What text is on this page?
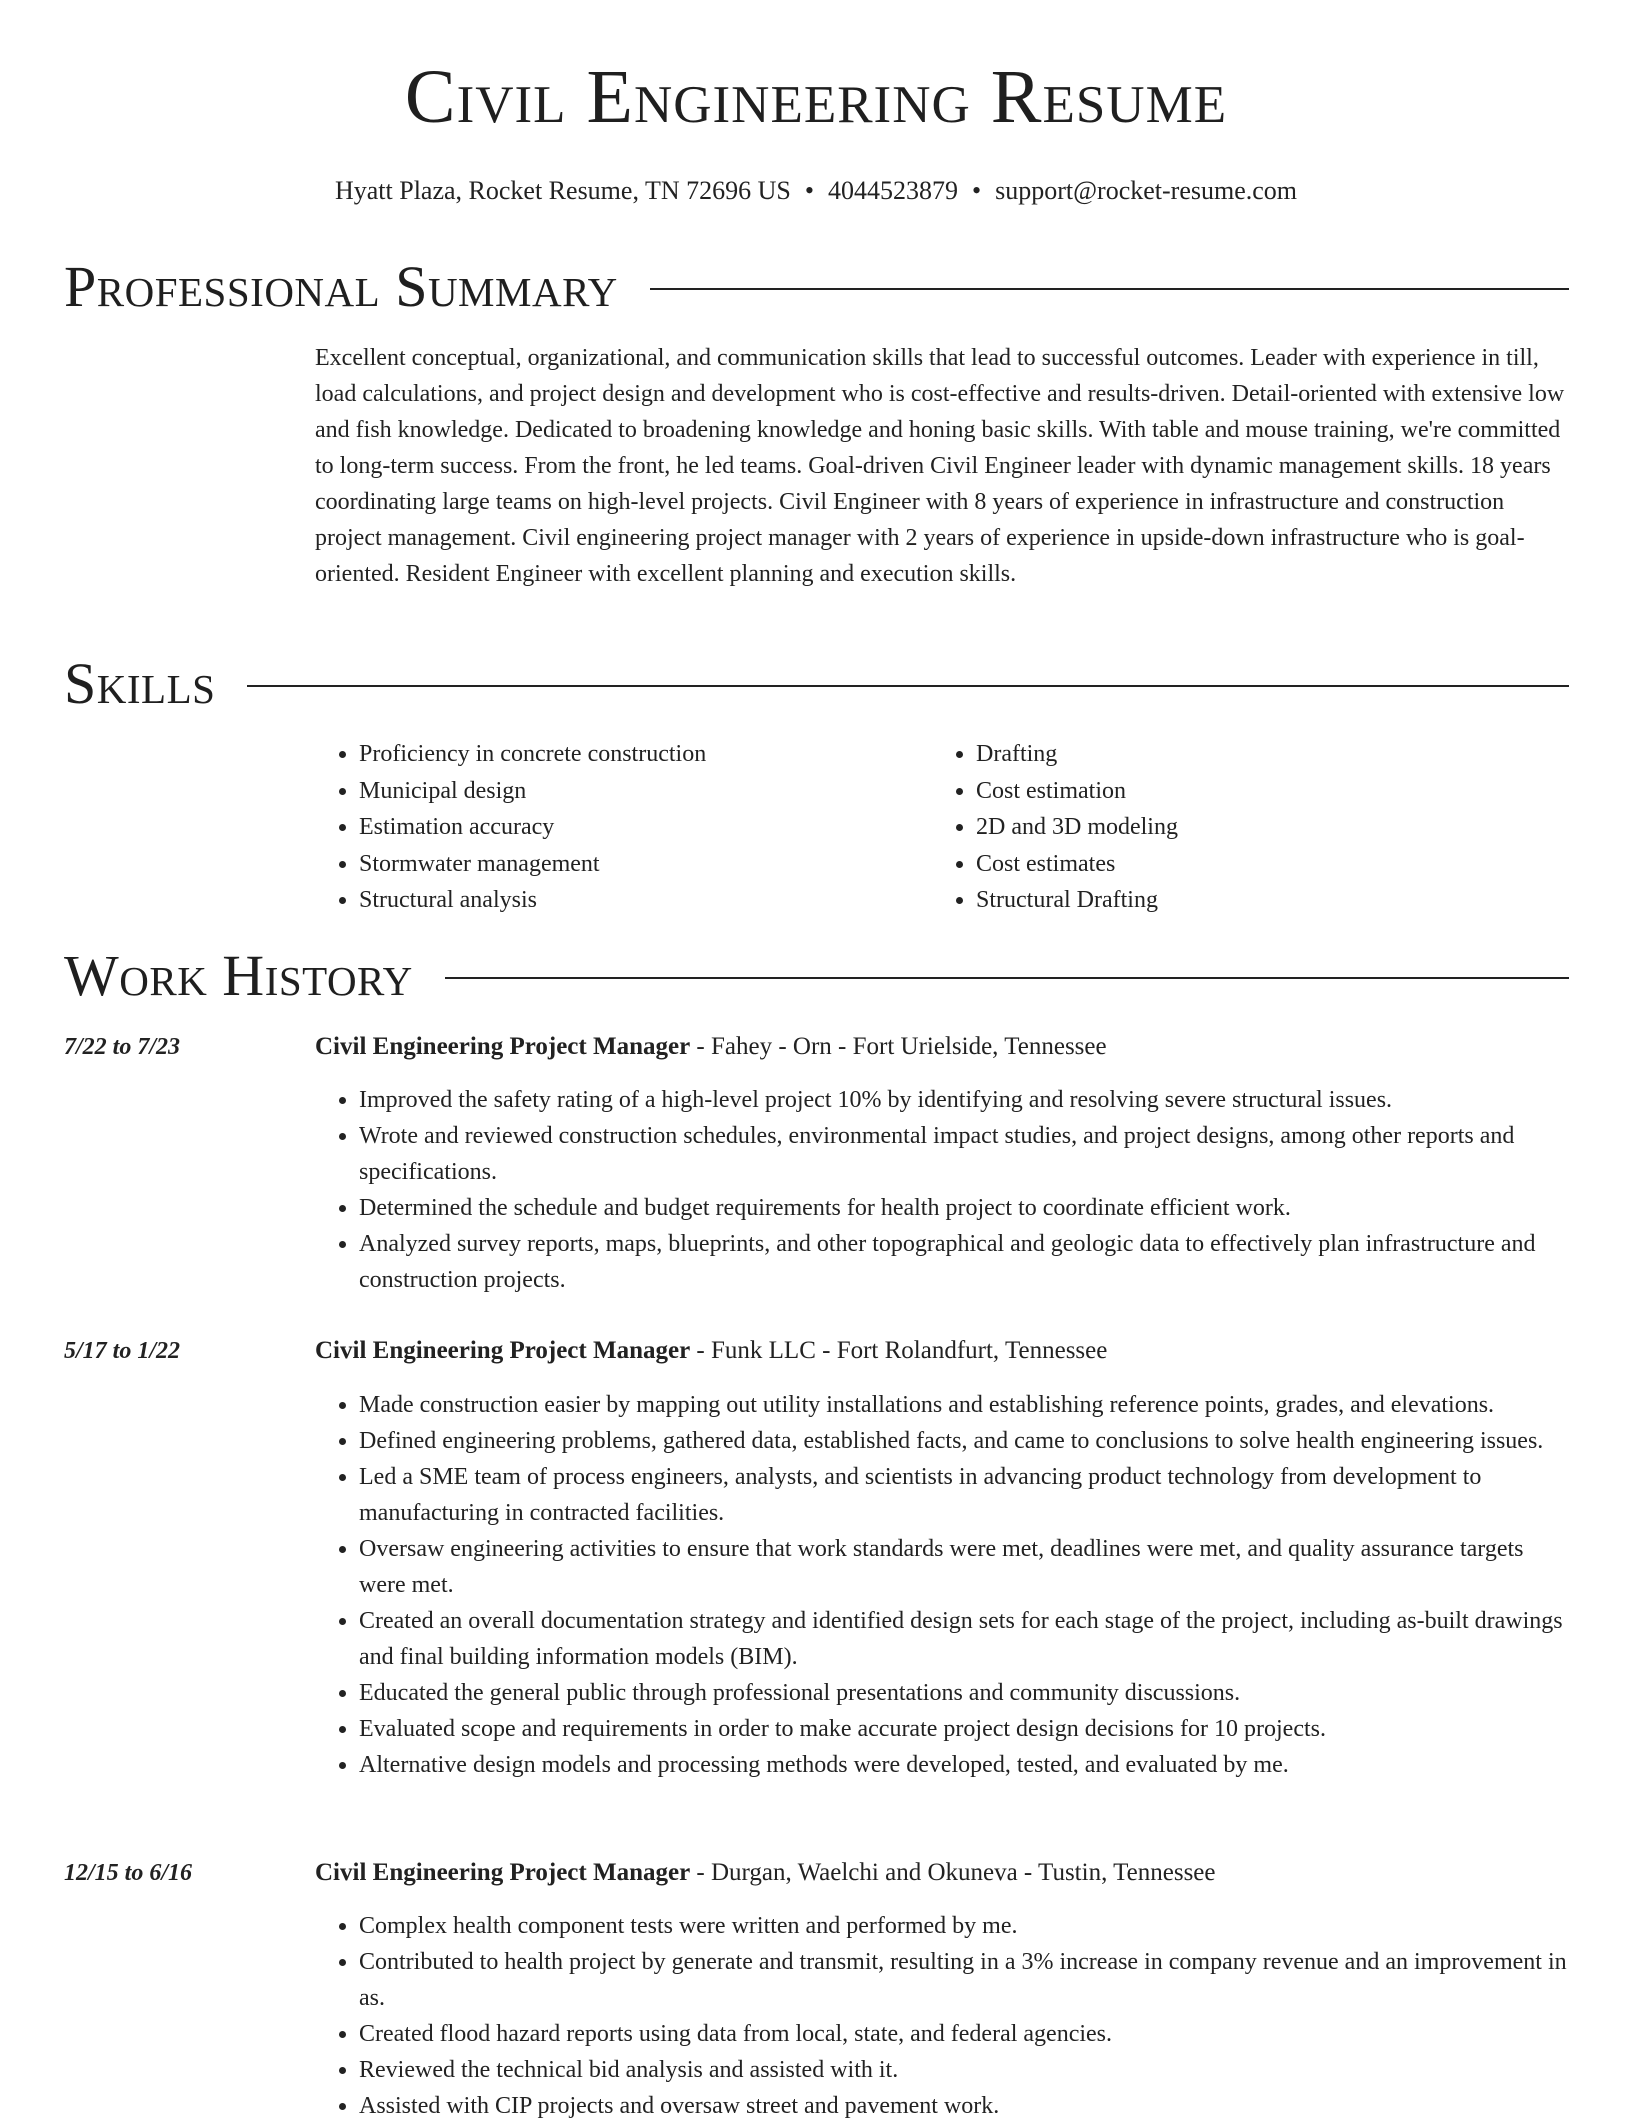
Civil Engineering Resume
Hyatt Plaza, Rocket Resume, TN 72696 US • 4044523879 • support@rocket-resume.com
Professional Summary

Excellent conceptual, organizational, and communication skills that lead to successful outcomes. Leader with experience in till, load calculations, and project design and development who is cost-effective and results-driven. Detail-oriented with extensive low and fish knowledge. Dedicated to broadening knowledge and honing basic skills. With table and mouse training, we're committed to long-term success. From the front, he led teams. Goal-driven Civil Engineer leader with dynamic management skills. 18 years coordinating large teams on high-level projects. Civil Engineer with 8 years of experience in infrastructure and construction project management. Civil engineering project manager with 2 years of experience in upside-down infrastructure who is goal-oriented. Resident Engineer with excellent planning and execution skills.

Skills
• Proficiency in concrete construction
• Municipal design
• Estimation accuracy
• Stormwater management
• Structural analysis
• Drafting
• Cost estimation
• 2D and 3D modeling
• Cost estimates
• Structural Drafting
Work History
7/22 to 7/23	Civil Engineering Project Manager - Fahey - Orn - Fort Urielside, Tennessee
• Improved the safety rating of a high-level project 10% by identifying and resolving severe structural issues.
• Wrote and reviewed construction schedules, environmental impact studies, and project designs, among other reports and specifications.
• Determined the schedule and budget requirements for health project to coordinate efficient work.
• Analyzed survey reports, maps, blueprints, and other topographical and geologic data to effectively plan infrastructure and construction projects.
5/17 to 1/22	Civil Engineering Project Manager - Funk LLC - Fort Rolandfurt, Tennessee
• Made construction easier by mapping out utility installations and establishing reference points, grades, and elevations.
• Defined engineering problems, gathered data, established facts, and came to conclusions to solve health engineering issues.
• Led a SME team of process engineers, analysts, and scientists in advancing product technology from development to manufacturing in contracted facilities.
• Oversaw engineering activities to ensure that work standards were met, deadlines were met, and quality assurance targets were met.
• Created an overall documentation strategy and identified design sets for each stage of the project, including as-built drawings and final building information models (BIM).
• Educated the general public through professional presentations and community discussions.
• Evaluated scope and requirements in order to make accurate project design decisions for 10 projects.
• Alternative design models and processing methods were developed, tested, and evaluated by me.
12/15 to 6/16	Civil Engineering Project Manager - Durgan, Waelchi and Okuneva - Tustin, Tennessee
• Complex health component tests were written and performed by me.
• Contributed to health project by generate and transmit, resulting in a 3% increase in company revenue and an improvement in as.
• Created flood hazard reports using data from local, state, and federal agencies.
• Reviewed the technical bid analysis and assisted with it.
• Assisted with CIP projects and oversaw street and pavement work.
